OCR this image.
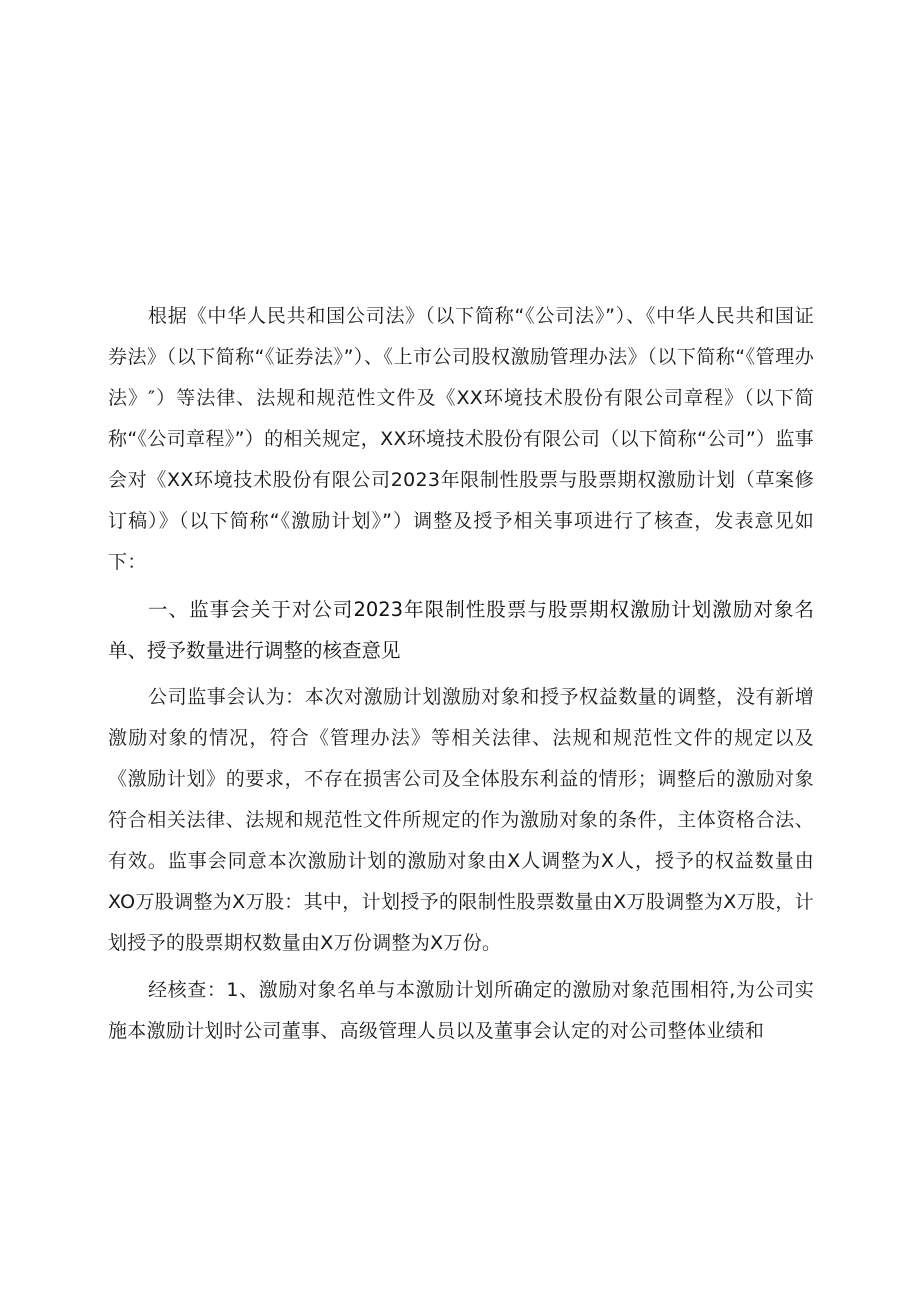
根据《中华人民共和国公司法》（以下简称“《公司法》”）、《中华人民共和国证券法》（以下简称“《证券法》”）、《上市公司股权激励管理办法》（以下简称“《管理办法》″）等法律、法规和规范性文件及《XX环境技术股份有限公司章程》（以下简称“《公司章程》”）的相关规定，XX环境技术股份有限公司（以下简称“公司”）监事会对《XX环境技术股份有限公司2023年限制性股票与股票期权激励计划（草案修订稿）》（以下简称“《激励计划》”）调整及授予相关事项进行了核查，发表意见如下：

一、监事会关于对公司2023年限制性股票与股票期权激励计划激励对象名单、授予数量进行调整的核查意见

公司监事会认为：本次对激励计划激励对象和授予权益数量的调整，没有新增激励对象的情况，符合《管理办法》等相关法律、法规和规范性文件的规定以及《激励计划》的要求，不存在损害公司及全体股东利益的情形；调整后的激励对象符合相关法律、法规和规范性文件所规定的作为激励对象的条件，主体资格合法、有效。监事会同意本次激励计划的激励对象由X人调整为X人，授予的权益数量由XO万股调整为X万股：其中，计划授予的限制性股票数量由X万股调整为X万股，计划授予的股票期权数量由X万份调整为X万份。

经核查：1、激励对象名单与本激励计划所确定的激励对象范围相符,为公司实施本激励计划时公司董事、高级管理人员以及董事会认定的对公司整体业绩和
